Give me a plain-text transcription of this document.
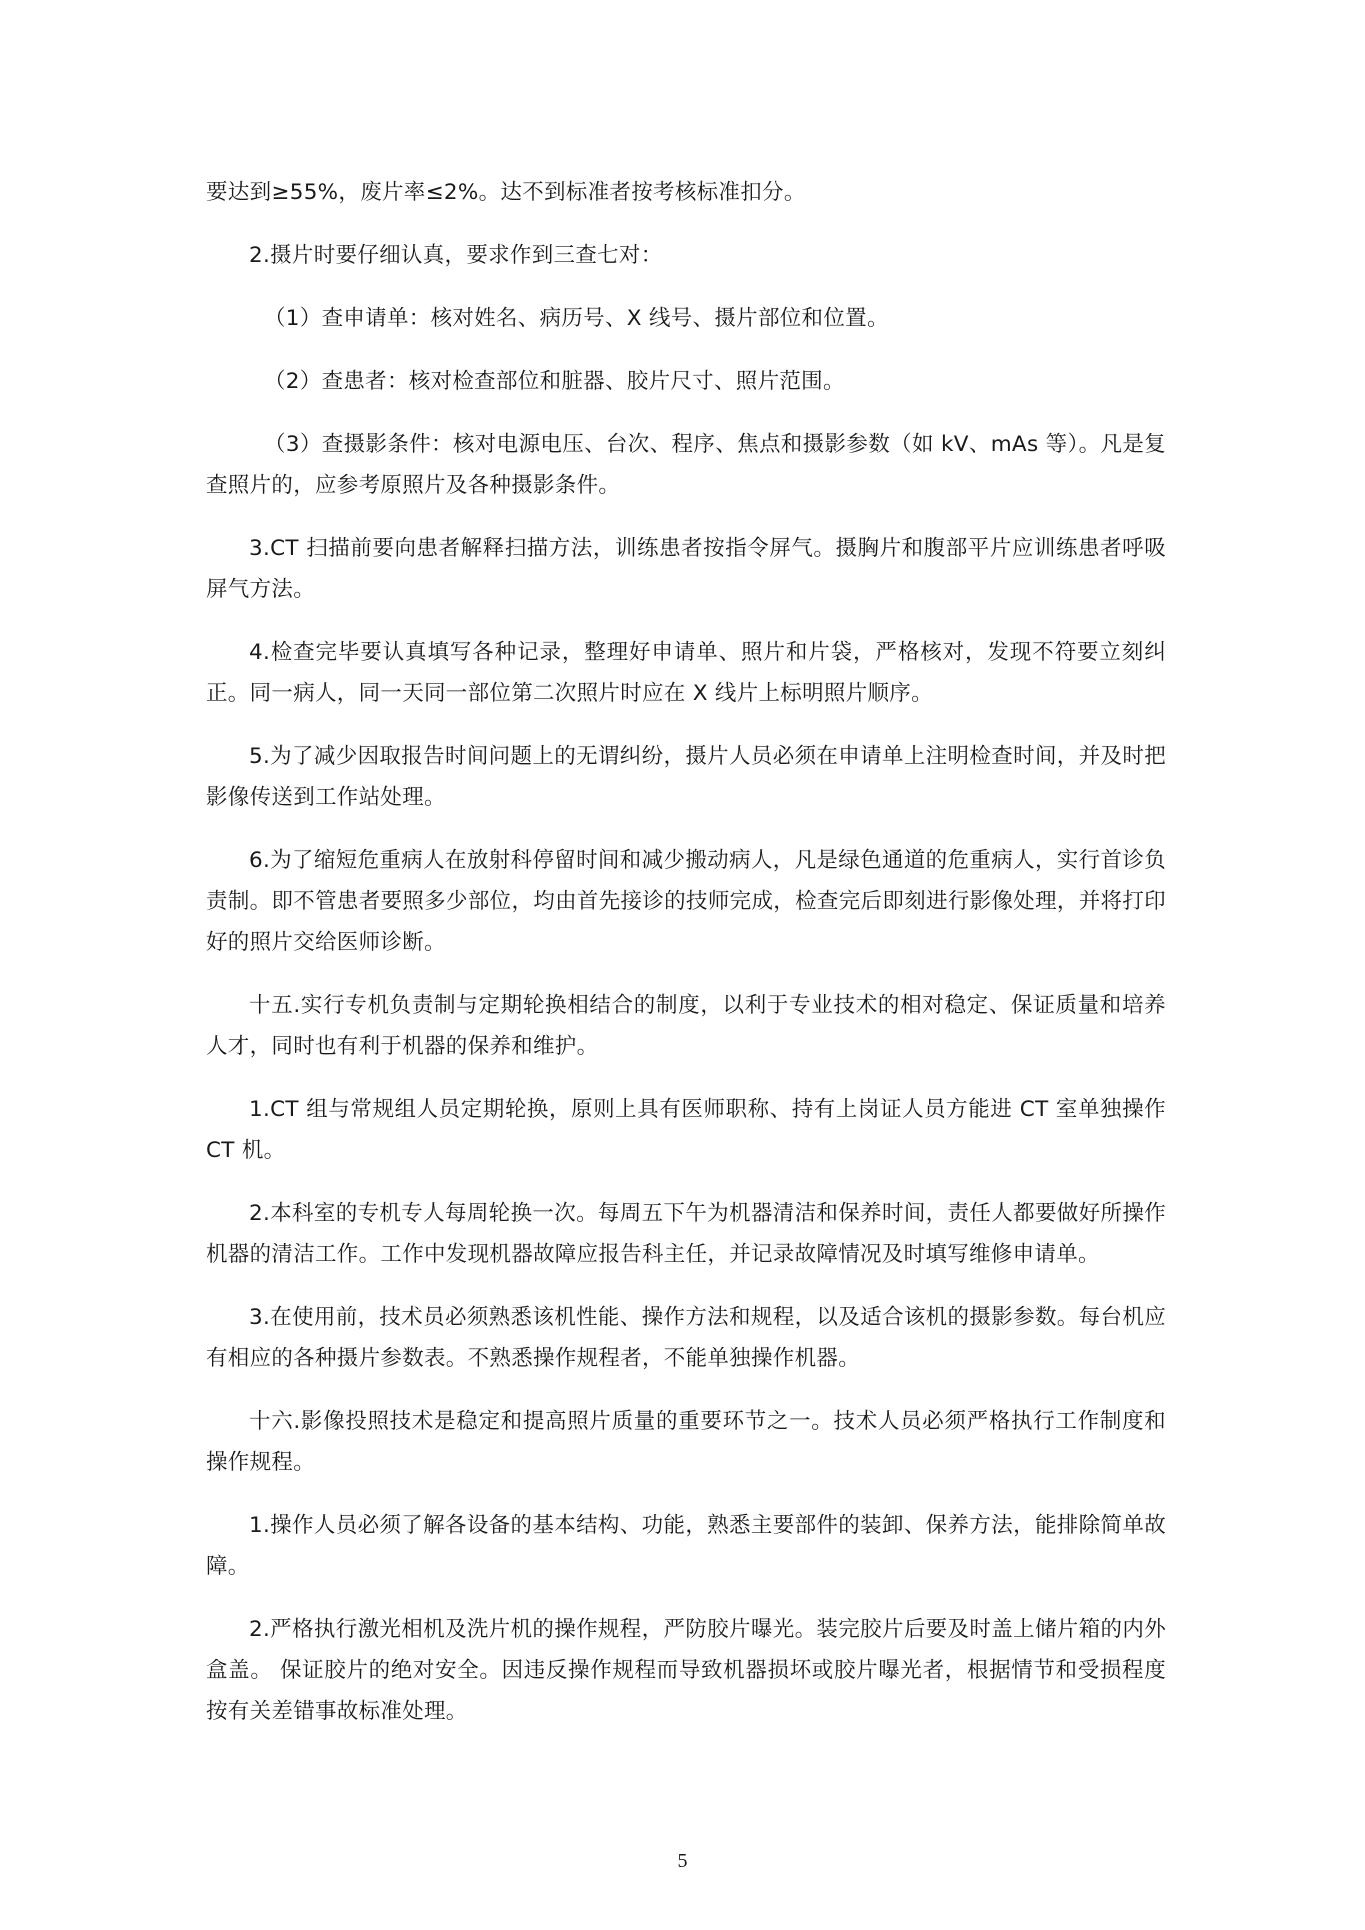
要达到≥55%，废片率≤2%。达不到标准者按考核标准扣分。

2.摄片时要仔细认真，要求作到三查七对：

（1）查申请单：核对姓名、病历号、X 线号、摄片部位和位置。

（2）查患者：核对检查部位和脏器、胶片尺寸、照片范围。

（3）查摄影条件：核对电源电压、台次、程序、焦点和摄影参数（如 kV、mAs 等）。凡是复查照片的，应参考原照片及各种摄影条件。

3.CT 扫描前要向患者解释扫描方法，训练患者按指令屏气。摄胸片和腹部平片应训练患者呼吸屏气方法。

4.检查完毕要认真填写各种记录，整理好申请单、照片和片袋，严格核对，发现不符要立刻纠正。同一病人，同一天同一部位第二次照片时应在 X 线片上标明照片顺序。

5.为了减少因取报告时间问题上的无谓纠纷，摄片人员必须在申请单上注明检查时间，并及时把影像传送到工作站处理。

6.为了缩短危重病人在放射科停留时间和减少搬动病人，凡是绿色通道的危重病人，实行首诊负责制。即不管患者要照多少部位，均由首先接诊的技师完成，检查完后即刻进行影像处理，并将打印好的照片交给医师诊断。

十五.实行专机负责制与定期轮换相结合的制度，以利于专业技术的相对稳定、保证质量和培养人才，同时也有利于机器的保养和维护。

1.CT 组与常规组人员定期轮换，原则上具有医师职称、持有上岗证人员方能进 CT 室单独操作 CT 机。

2.本科室的专机专人每周轮换一次。每周五下午为机器清洁和保养时间，责任人都要做好所操作机器的清洁工作。工作中发现机器故障应报告科主任，并记录故障情况及时填写维修申请单。

3.在使用前，技术员必须熟悉该机性能、操作方法和规程，以及适合该机的摄影参数。每台机应有相应的各种摄片参数表。不熟悉操作规程者，不能单独操作机器。

十六.影像投照技术是稳定和提高照片质量的重要环节之一。技术人员必须严格执行工作制度和操作规程。

1.操作人员必须了解各设备的基本结构、功能，熟悉主要部件的装卸、保养方法，能排除简单故障。

2.严格执行激光相机及洗片机的操作规程，严防胶片曝光。装完胶片后要及时盖上储片箱的内外盒盖。 保证胶片的绝对安全。因违反操作规程而导致机器损坏或胶片曝光者，根据情节和受损程度按有关差错事故标准处理。

5
